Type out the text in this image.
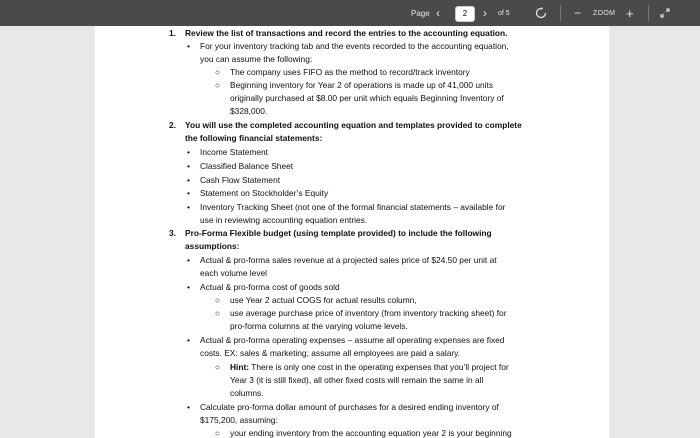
Page ‹	2	› of 5	− ZOOM +
1. Review the list of transactions and record the entries to the accounting equation.
• For your inventory tracking tab and the events recorded to the accounting equation,
you can assume the following:
○ The company uses FIFO as the method to record/track inventory
○ Beginning inventory for Year 2 of operations is made up of 41,000 units
originally purchased at $8.00 per unit which equals Beginning Inventory of
$328,000.
2. You will use the completed accounting equation and templates provided to complete
the following financial statements:
• Income Statement
• Classified Balance Sheet
• Cash Flow Statement
• Statement on Stockholder’s Equity
• Inventory Tracking Sheet (not one of the formal financial statements – available for
use in reviewing accounting equation entries.
3. Pro-Forma Flexible budget (using template provided) to include the following
assumptions:
• Actual & pro-forma sales revenue at a projected sales price of $24.50 per unit at
each volume level
• Actual & pro-forma cost of goods sold
○ use Year 2 actual COGS for actual results column,
○ use average purchase price of inventory (from inventory tracking sheet) for
pro-forma columns at the varying volume levels.
• Actual & pro-forma operating expenses – assume all operating expenses are fixed
costs. EX: sales & marketing; assume all employees are paid a salary.
○ Hint: There is only one cost in the operating expenses that you’ll project for
Year 3 (it is still fixed), all other fixed costs will remain the same in all
columns.
• Calculate pro-forma dollar amount of purchases for a desired ending inventory of
$175,200, assuming:
○ your ending inventory from the accounting equation year 2 is your beginning
